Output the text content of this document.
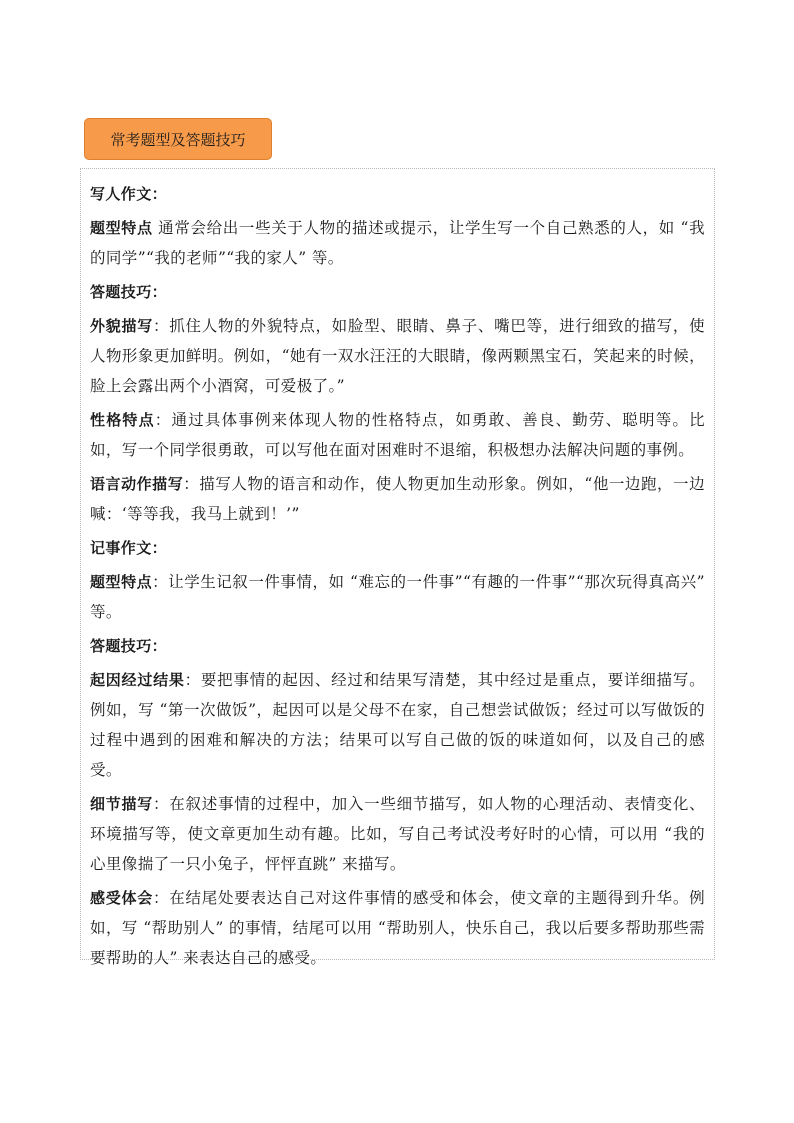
常考题型及答题技巧

写人作文：

题型特点 通常会给出一些关于人物的描述或提示，让学生写一个自己熟悉的人，如 “我的同学”“我的老师”“我的家人” 等。

答题技巧：

外貌描写：抓住人物的外貌特点，如脸型、眼睛、鼻子、嘴巴等，进行细致的描写，使人物形象更加鲜明。例如，“她有一双水汪汪的大眼睛，像两颗黑宝石，笑起来的时候，脸上会露出两个小酒窝，可爱极了。”

性格特点：通过具体事例来体现人物的性格特点，如勇敢、善良、勤劳、聪明等。比如，写一个同学很勇敢，可以写他在面对困难时不退缩，积极想办法解决问题的事例。

语言动作描写：描写人物的语言和动作，使人物更加生动形象。例如，“他一边跑，一边喊：‘等等我，我马上就到！’”

记事作文：

题型特点：让学生记叙一件事情，如 “难忘的一件事”“有趣的一件事”“那次玩得真高兴” 等。

答题技巧：

起因经过结果：要把事情的起因、经过和结果写清楚，其中经过是重点，要详细描写。例如，写 “第一次做饭”，起因可以是父母不在家，自己想尝试做饭；经过可以写做饭的过程中遇到的困难和解决的方法；结果可以写自己做的饭的味道如何，以及自己的感受。

细节描写：在叙述事情的过程中，加入一些细节描写，如人物的心理活动、表情变化、环境描写等，使文章更加生动有趣。比如，写自己考试没考好时的心情，可以用 “我的心里像揣了一只小兔子，怦怦直跳” 来描写。

感受体会：在结尾处要表达自己对这件事情的感受和体会，使文章的主题得到升华。例如，写 “帮助别人” 的事情，结尾可以用 “帮助别人，快乐自己，我以后要多帮助那些需要帮助的人” 来表达自己的感受。
